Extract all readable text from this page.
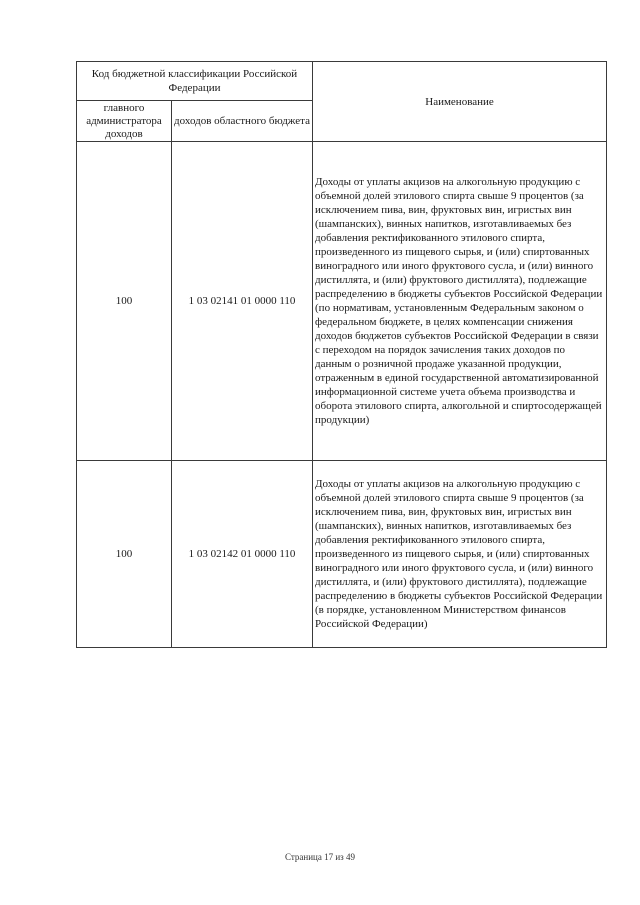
Код бюджетной классификации Российской Федерации		Наименование
главного администратора доходов	доходов областного бюджета	
100	1 03 02141 01 0000 110	Доходы от уплаты акцизов на алкогольную продукцию с объемной долей этилового спирта свыше 9 процентов (за исключением пива, вин, фруктовых вин, игристых вин (шампанских), винных напитков, изготавливаемых без добавления ректификованного этилового спирта, произведенного из пищевого сырья, и (или) спиртованных виноградного или иного фруктового сусла, и (или) винного дистиллята, и (или) фруктового дистиллята), подлежащие распределению в бюджеты субъектов Российской Федерации (по нормативам, установленным Федеральным законом о федеральном бюджете, в целях компенсации снижения доходов бюджетов субъектов Российской Федерации в связи с переходом на порядок зачисления таких доходов по данным о розничной продаже указанной продукции, отраженным в единой государственной автоматизированной информационной системе учета объема производства и оборота этилового спирта, алкогольной и спиртосодержащей продукции)
100	1 03 02142 01 0000 110	Доходы от уплаты акцизов на алкогольную продукцию с объемной долей этилового спирта свыше 9 процентов (за исключением пива, вин, фруктовых вин, игристых вин (шампанских), винных напитков, изготавливаемых без добавления ректификованного этилового спирта, произведенного из пищевого сырья, и (или) спиртованных виноградного или иного фруктового сусла, и (или) винного дистиллята, и (или) фруктового дистиллята), подлежащие распределению в бюджеты субъектов Российской Федерации (в порядке, установленном Министерством финансов Российской Федерации)
Страница 17 из 49
